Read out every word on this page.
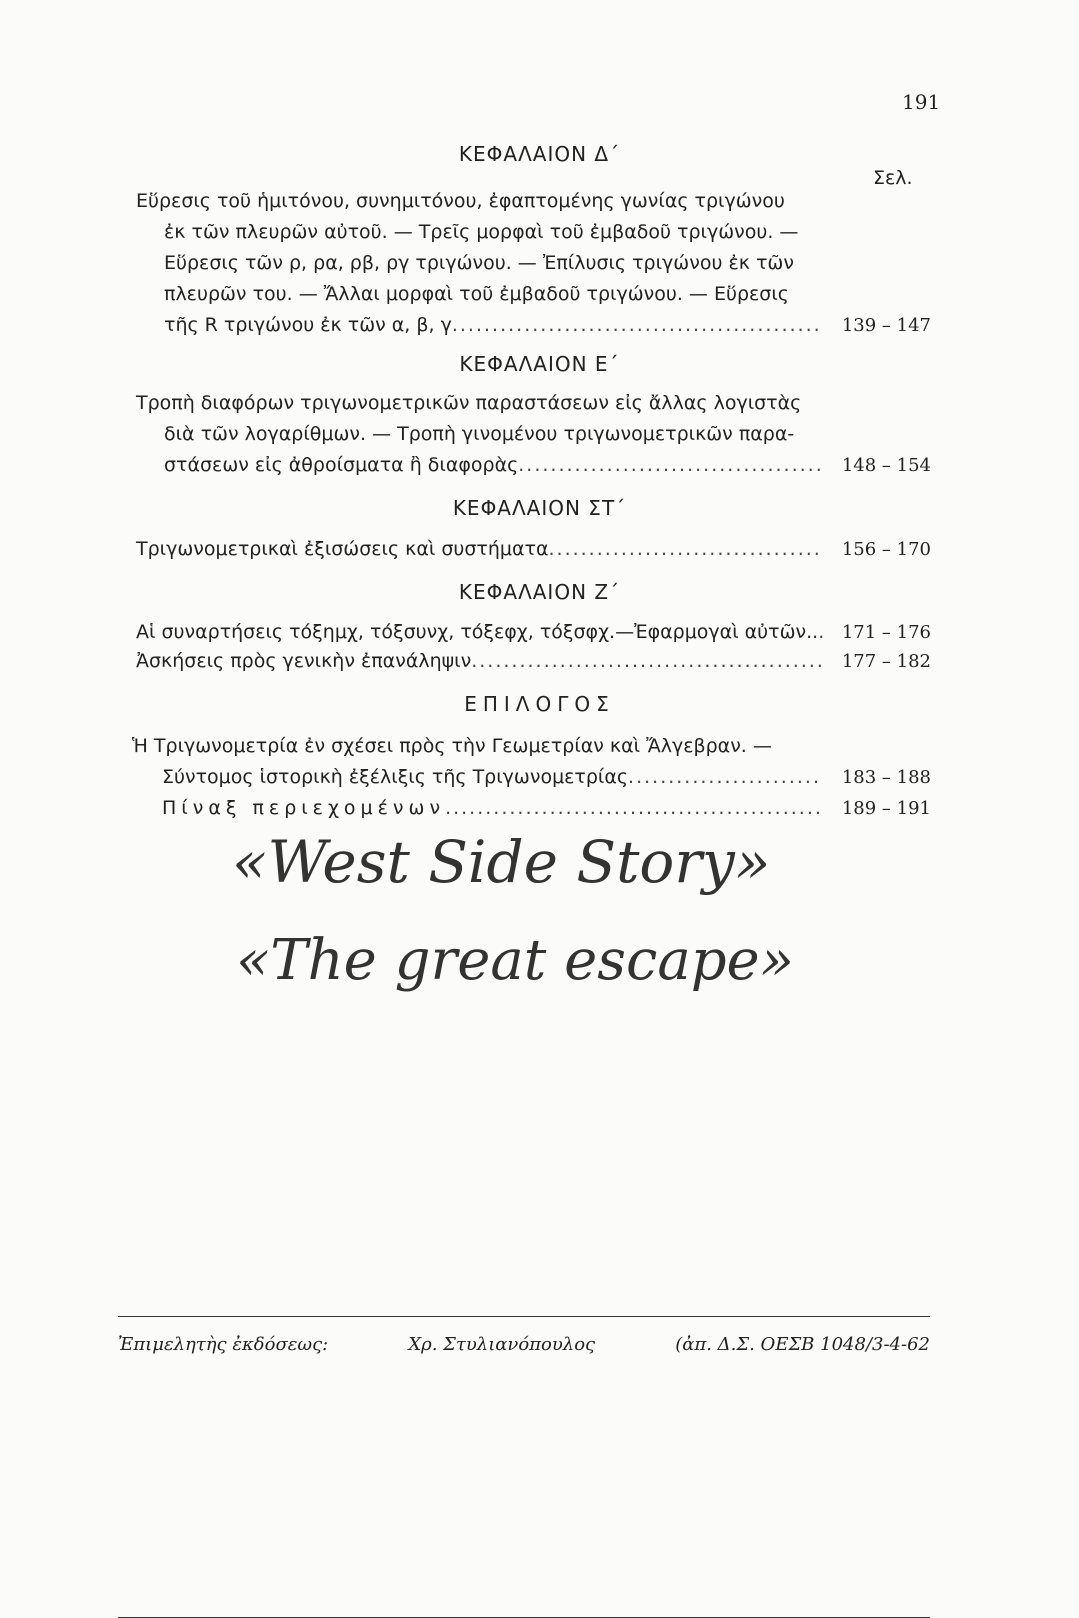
191
ΚΕΦΑΛΑΙΟΝ Δ΄
Σελ.
Εὕρεσις τοῦ ἡμιτόνου, συνημιτόνου, ἐφαπτομένης γωνίας τριγώνου
ἐκ τῶν πλευρῶν αὐτοῦ. — Τρεῖς μορφαὶ τοῦ ἐμβαδοῦ τριγώνου. —
Εὕρεσις τῶν ρ, ρα, ρβ, ργ τριγώνου. — Ἐπίλυσις τριγώνου ἐκ τῶν
πλευρῶν του. — Ἄλλαι μορφαὶ τοῦ ἐμβαδοῦ τριγώνου. — Εὕρεσις
τῆς R τριγώνου ἐκ τῶν α, β, γ .....	139 – 147
ΚΕΦΑΛΑΙΟΝ Ε΄
Τροπὴ διαφόρων τριγωνομετρικῶν παραστάσεων εἰς ἄλλας λογιστὰς
διὰ τῶν λογαρίθμων. — Τροπὴ γινομένου τριγωνομετρικῶν παρα-
στάσεων εἰς ἀθροίσματα ἢ διαφορὰς .....	148 – 154
ΚΕΦΑΛΑΙΟΝ ΣΤ΄
Τριγωνομετρικαὶ ἐξισώσεις καὶ συστήματα .....	156 – 170
ΚΕΦΑΛΑΙΟΝ Ζ΄
Αἱ συναρτήσεις τόξημχ, τόξσυνχ, τόξεφχ, τόξσφχ.—Ἐφαρμογαὶ αὐτῶν.. .....	171 – 176
Ἀσκήσεις πρὸς γενικὴν ἐπανάληψιν .....	177 – 182
ΕΠΙΛΟΓΟΣ
Ἡ Τριγωνομετρία ἐν σχέσει πρὸς τὴν Γεωμετρίαν καὶ Ἄλγεβραν. —
Σύντομος ἱστορικὴ ἐξέλιξις τῆς Τριγωνομετρίας .....	183 – 188
Πίναξ περιεχομένων .....	189 – 191
«West Side Story»
«The great escape»
Ἐπιμελητὴς ἐκδόσεως:	Χρ. Στυλιανόπουλος	(ἀπ. Δ.Σ. ΟΕΣΒ 1048/3-4-62
